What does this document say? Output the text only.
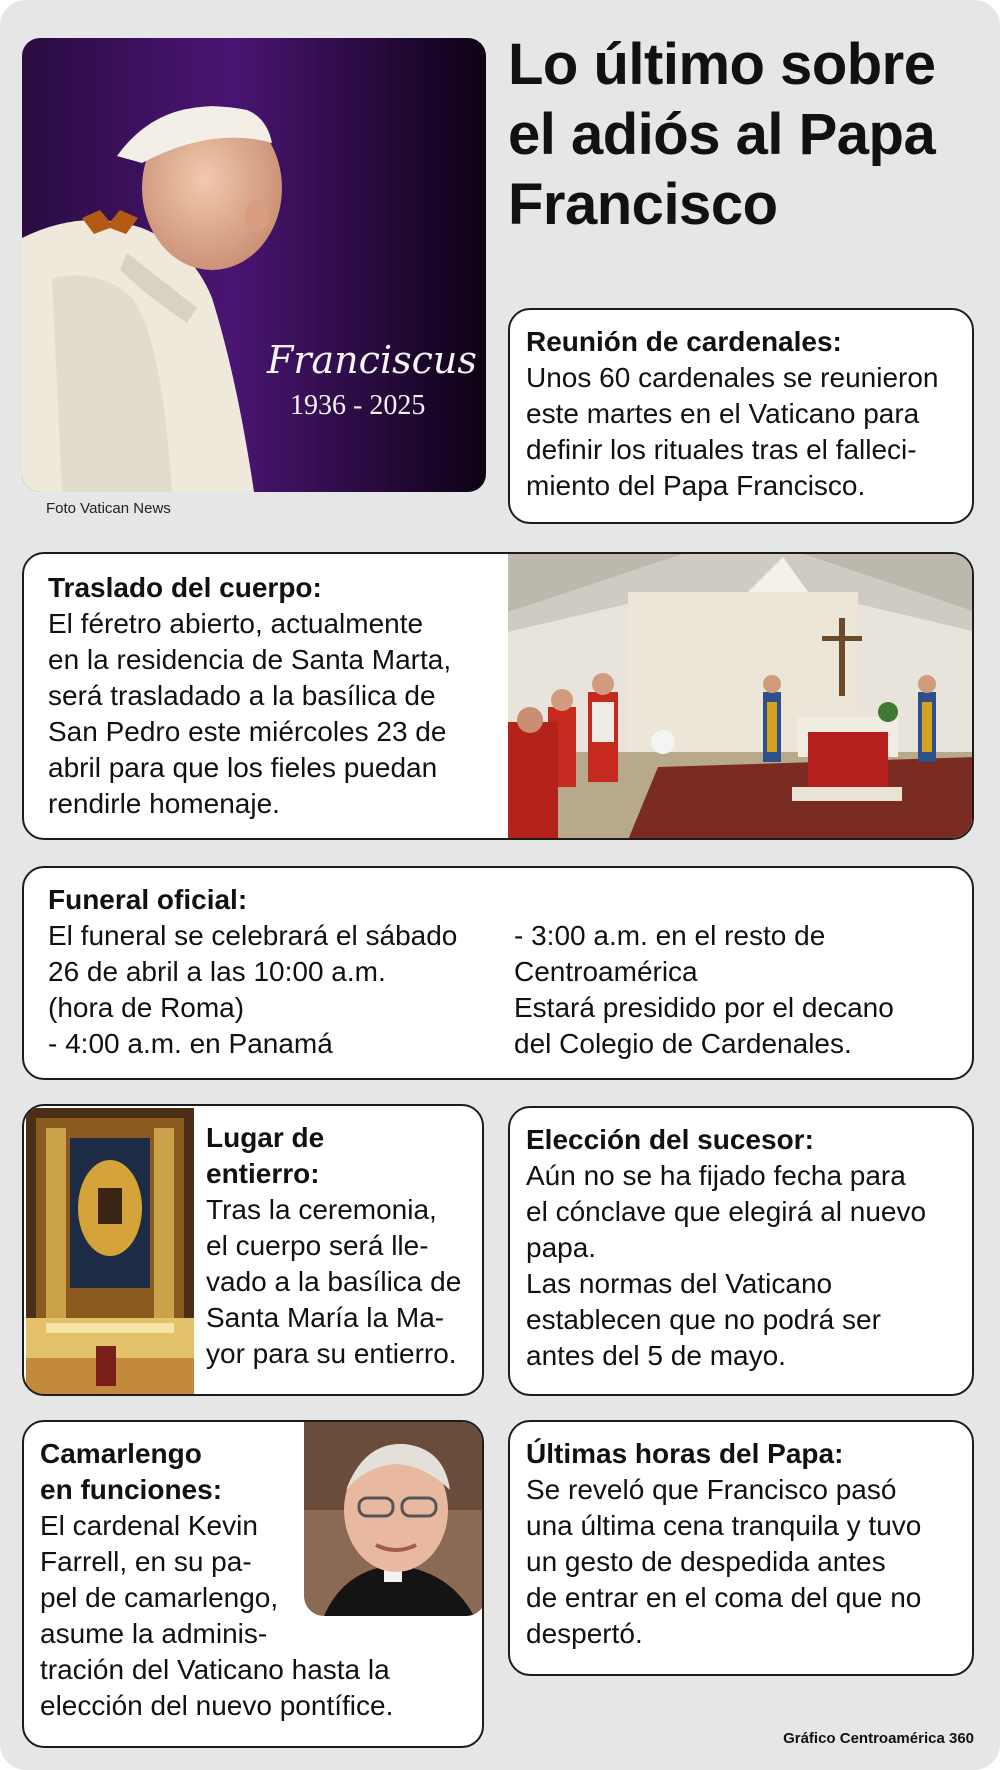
Franciscus
1936 - 2025
Foto Vatican News
Lo último sobre
el adiós al Papa
Francisco
Reunión de cardenales:
Unos 60 cardenales se reunieron
este martes en el Vaticano para
definir los rituales tras el falleci-
miento del Papa Francisco.
Traslado del cuerpo:
El féretro abierto, actualmente
en la residencia de Santa Marta,
será trasladado a la basílica de
San Pedro este miércoles 23 de
abril para que los fieles puedan
rendirle homenaje.
Funeral oficial:
El funeral se celebrará el sábado
26 de abril a las 10:00 a.m.
(hora de Roma)
- 4:00 a.m. en Panamá
- 3:00 a.m. en el resto de
Centroamérica
Estará presidido por el decano
del Colegio de Cardenales.
Lugar de
entierro:
Tras la ceremonia,
el cuerpo será lle-
vado a la basílica de
Santa María la Ma-
yor para su entierro.
Elección del sucesor:
Aún no se ha fijado fecha para
el cónclave que elegirá al nuevo
papa.
Las normas del Vaticano
establecen que no podrá ser
antes del 5 de mayo.
Camarlengo
en funciones:
El cardenal Kevin
Farrell, en su pa-
pel de camarlengo,
asume la adminis-
tración del Vaticano hasta la
elección del nuevo pontífice.
Últimas horas del Papa:
Se reveló que Francisco pasó
una última cena tranquila y tuvo
un gesto de despedida antes
de entrar en el coma del que no
despertó.
Gráfico Centroamérica 360
